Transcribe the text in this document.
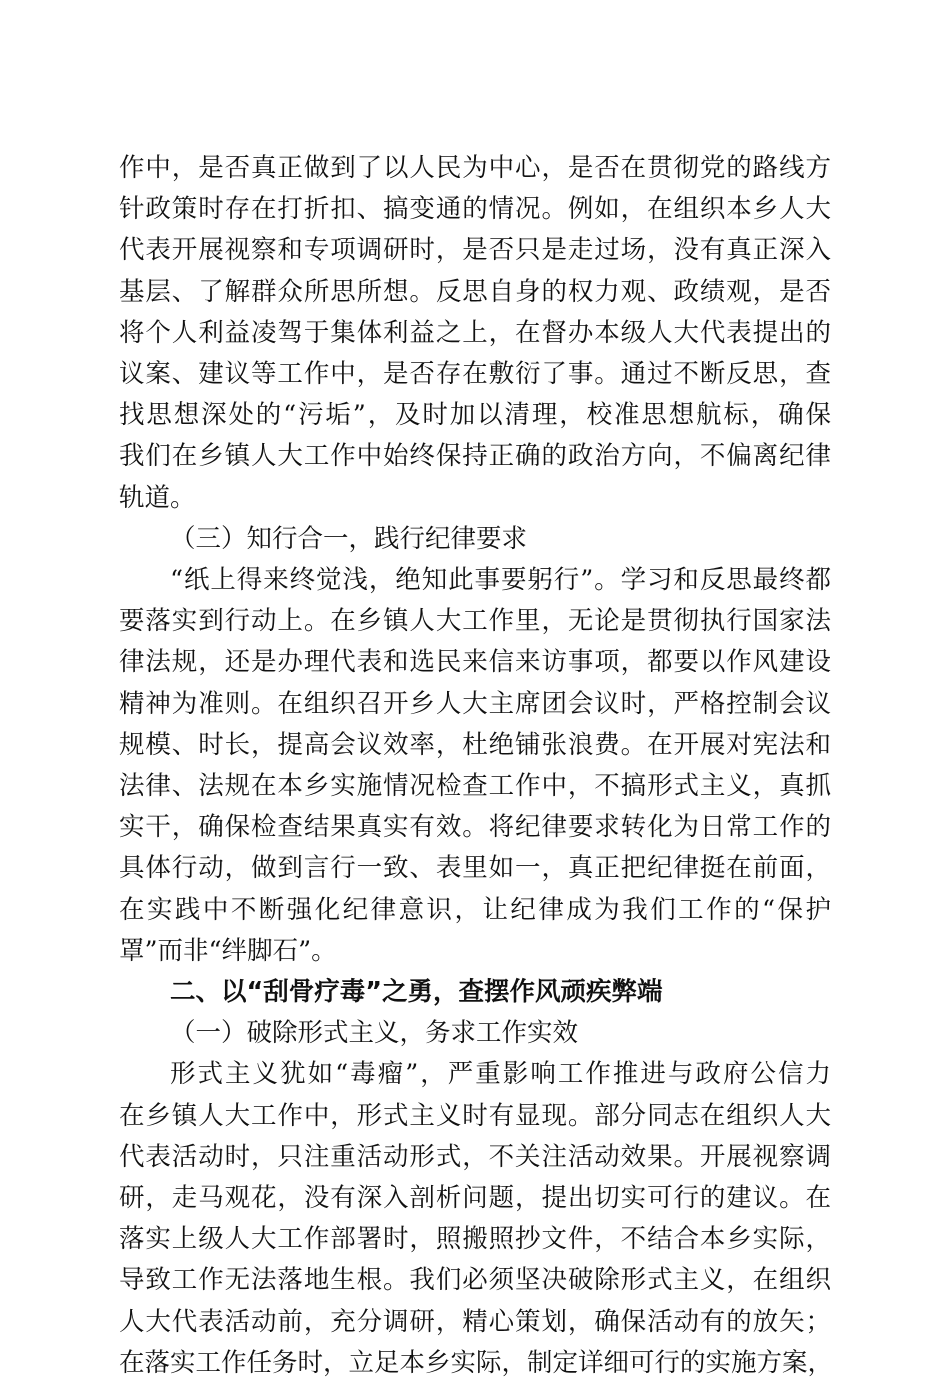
作中，是否真正做到了以人民为中心，是否在贯彻党的路线方
针政策时存在打折扣、搞变通的情况。例如，在组织本乡人大
代表开展视察和专项调研时，是否只是走过场，没有真正深入
基层、了解群众所思所想。反思自身的权力观、政绩观，是否
将个人利益凌驾于集体利益之上，在督办本级人大代表提出的
议案、建议等工作中，是否存在敷衍了事。通过不断反思，查
找思想深处的“污垢”，及时加以清理，校准思想航标，确保
我们在乡镇人大工作中始终保持正确的政治方向，不偏离纪律
轨道。
（三）知行合一，践行纪律要求
“纸上得来终觉浅，绝知此事要躬行”。学习和反思最终都
要落实到行动上。在乡镇人大工作里，无论是贯彻执行国家法
律法规，还是办理代表和选民来信来访事项，都要以作风建设
精神为准则。在组织召开乡人大主席团会议时，严格控制会议
规模、时长，提高会议效率，杜绝铺张浪费。在开展对宪法和
法律、法规在本乡实施情况检查工作中，不搞形式主义，真抓
实干，确保检查结果真实有效。将纪律要求转化为日常工作的
具体行动，做到言行一致、表里如一，真正把纪律挺在前面，
在实践中不断强化纪律意识，让纪律成为我们工作的“保护
罩”而非“绊脚石”。
二、以“刮骨疗毒”之勇，查摆作风顽疾弊端
（一）破除形式主义，务求工作实效
形式主义犹如“毒瘤”，严重影响工作推进与政府公信力
在乡镇人大工作中，形式主义时有显现。部分同志在组织人大
代表活动时，只注重活动形式，不关注活动效果。开展视察调
研，走马观花，没有深入剖析问题，提出切实可行的建议。在
落实上级人大工作部署时，照搬照抄文件，不结合本乡实际，
导致工作无法落地生根。我们必须坚决破除形式主义，在组织
人大代表活动前，充分调研，精心策划，确保活动有的放矢；
在落实工作任务时，立足本乡实际，制定详细可行的实施方案，
